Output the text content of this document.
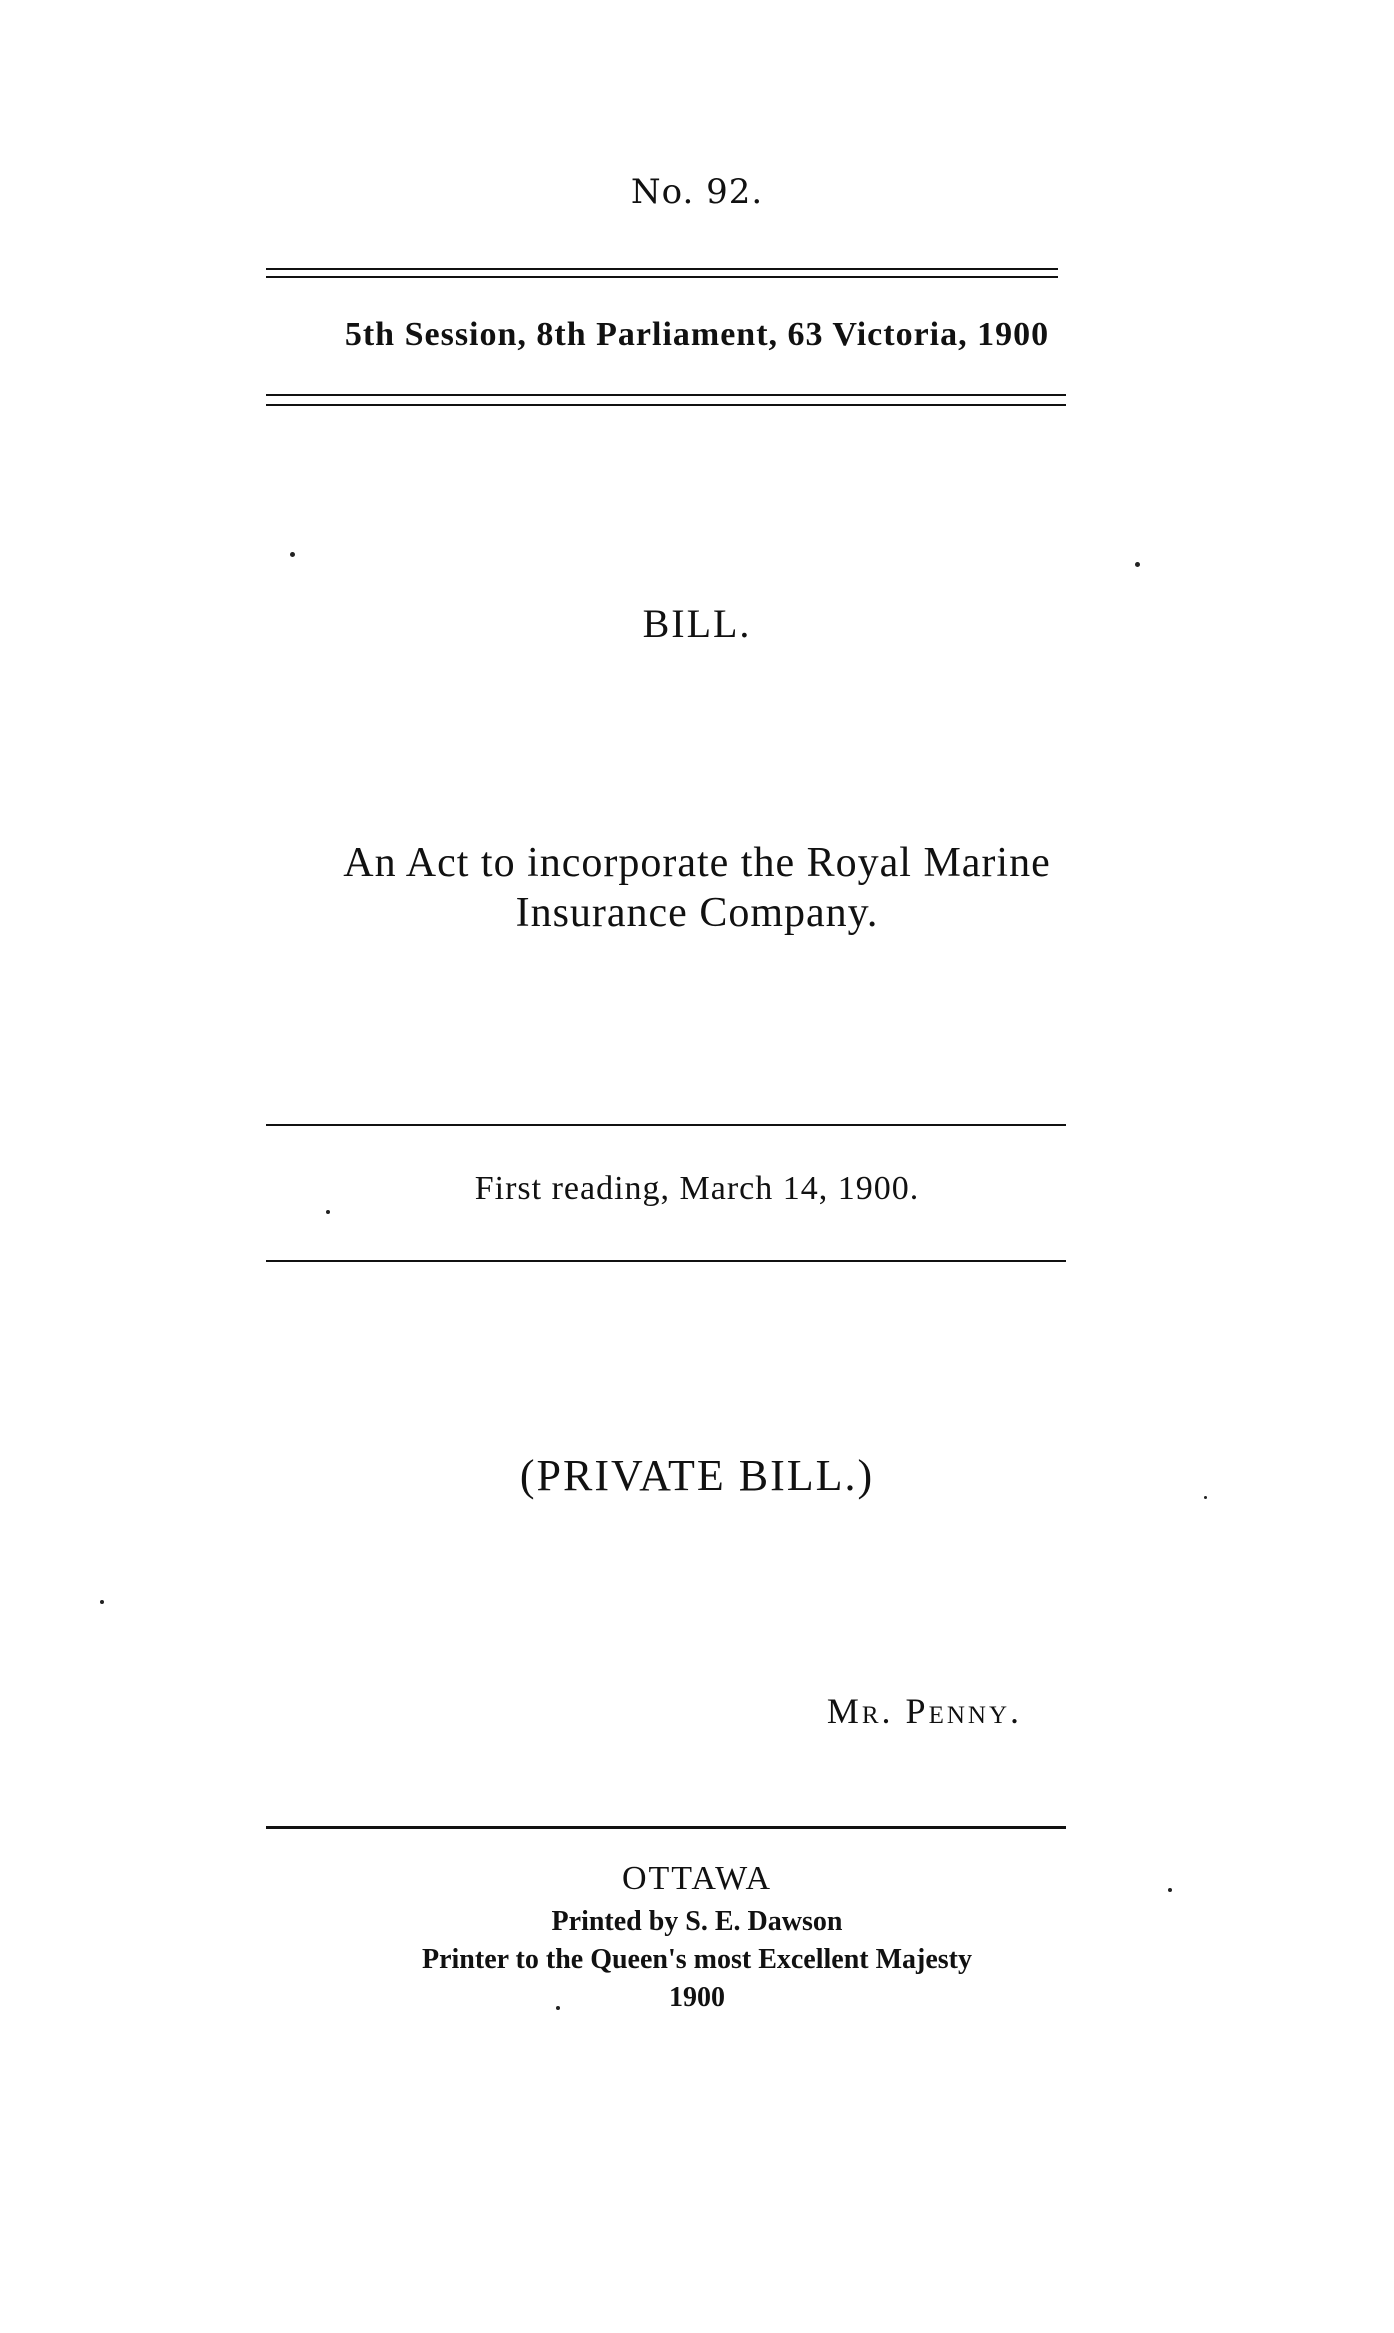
No. 92.
5th Session, 8th Parliament, 63 Victoria, 1900
BILL.
An Act to incorporate the Royal Marine
Insurance Company.
First reading, March 14, 1900.
(PRIVATE BILL.)
Mr. Penny.
OTTAWA
Printed by S. E. Dawson
Printer to the Queen's most Excellent Majesty
1900
